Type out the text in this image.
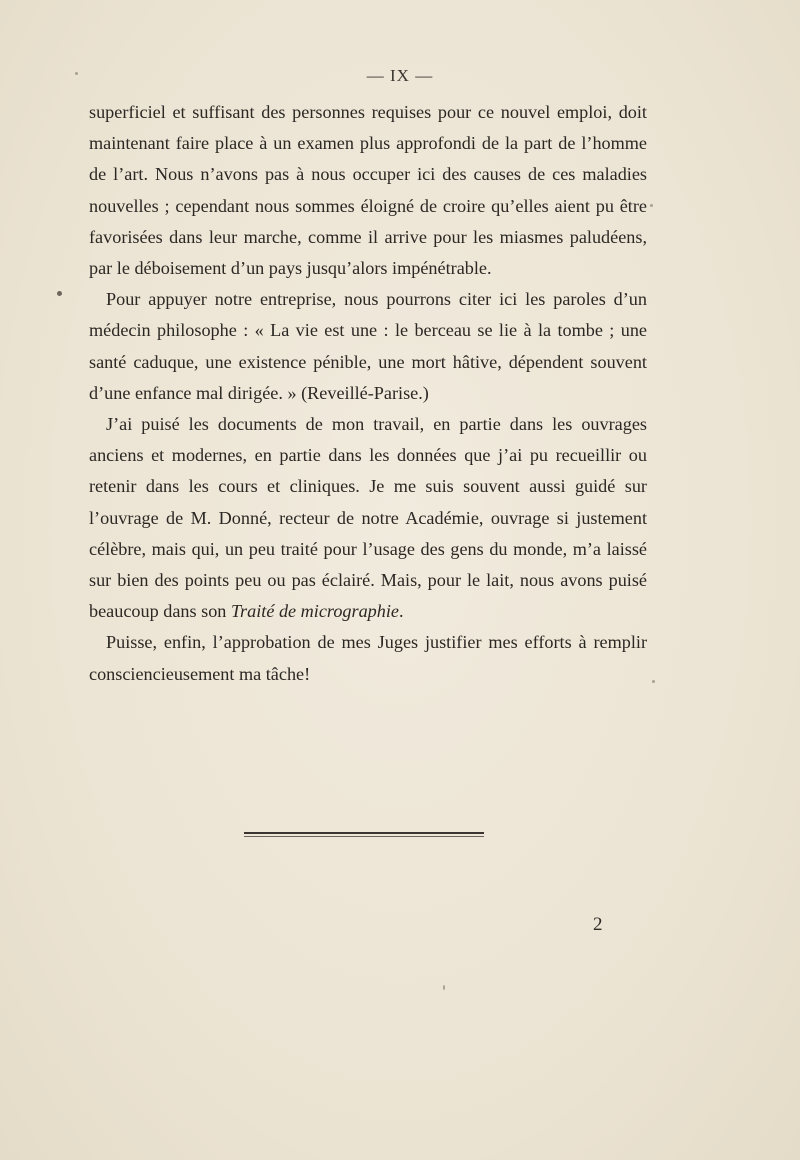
— IX —

superficiel et suffisant des personnes requises pour ce nouvel emploi, doit maintenant faire place à un examen plus approfondi de la part de l’homme de l’art. Nous n’avons pas à nous occuper ici des causes de ces maladies nouvelles ; cependant nous sommes éloigné de croire qu’elles aient pu être favorisées dans leur marche, comme il arrive pour les miasmes paludéens, par le déboisement d’un pays jusqu’alors impénétrable.

Pour appuyer notre entreprise, nous pourrons citer ici les paroles d’un médecin philosophe : « La vie est une : le berceau se lie à la tombe ; une santé caduque, une existence pénible, une mort hâtive, dépendent souvent d’une enfance mal dirigée. » (Reveillé-Parise.)

J’ai puisé les documents de mon travail, en partie dans les ouvrages anciens et modernes, en partie dans les données que j’ai pu recueillir ou retenir dans les cours et cliniques. Je me suis souvent aussi guidé sur l’ouvrage de M. Donné, recteur de notre Académie, ouvrage si justement célèbre, mais qui, un peu traité pour l’usage des gens du monde, m’a laissé sur bien des points peu ou pas éclairé. Mais, pour le lait, nous avons puisé beaucoup dans son Traité de micrographie.

Puisse, enfin, l’approbation de mes Juges justifier mes efforts à remplir consciencieusement ma tâche!

2
